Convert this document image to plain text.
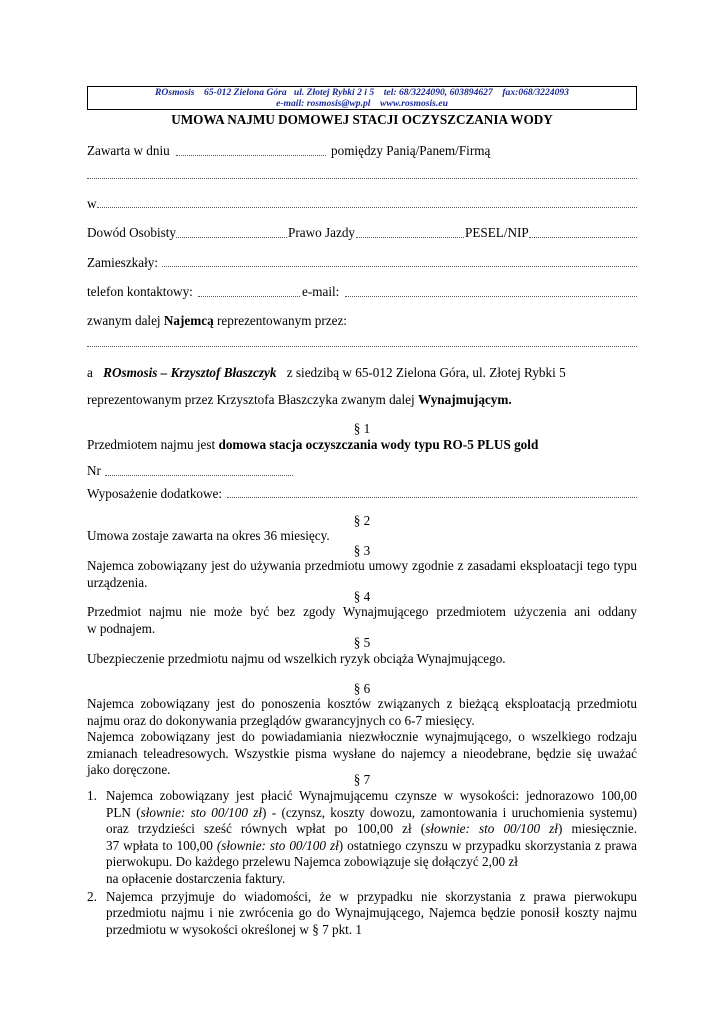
ROsmosis    65-012 Zielona Góra   ul. Złotej Rybki 2 i 5    tel: 68/3224090, 603894627    fax:068/3224093
e-mail: rosmosis@wp.pl    www.rosmosis.eu
UMOWA NAJMU DOMOWEJ STACJI OCZYSZCZANIA WODY
Zawarta w dniu	pomiędzy Panią/Panem/Firmą
w
Dowód Osobisty	Prawo Jazdy	PESEL/NIP
Zamieszkały:
telefon kontaktowy:	e-mail:
zwanym dalej Najemcą reprezentowanym przez:
a ROsmosis – Krzysztof Błaszczyk z siedzibą w 65-012 Zielona Góra, ul. Złotej Rybki 5
reprezentowanym przez Krzysztofa Błaszczyka zwanym dalej Wynajmującym.
§ 1
Przedmiotem najmu jest domowa stacja oczyszczania wody typu RO-5 PLUS gold
Nr
Wyposażenie dodatkowe:
§ 2
Umowa zostaje zawarta na okres 36 miesięcy.
§ 3

Najemca zobowiązany jest do używania przedmiotu umowy zgodnie z zasadami eksploatacji tego typu

urządzenia.

§ 4

Przedmiot najmu nie może być bez zgody Wynajmującego przedmiotem użyczenia ani oddany

w podnajem.

§ 5
Ubezpieczenie przedmiotu najmu od wszelkich ryzyk obciąża Wynajmującego.
§ 6

Najemca zobowiązany jest do ponoszenia kosztów związanych z bieżącą eksploatacją przedmiotu

najmu oraz do dokonywania przeglądów gwarancyjnych co 6-7 miesięcy.

Najemca zobowiązany jest do powiadamiania niezwłocznie wynajmującego, o wszelkiego rodzaju

zmianach teleadresowych. Wszystkie pisma wysłane do najemcy a nieodebrane, będzie się uważać

jako doręczone.

§ 7
1. Najemca zobowiązany jest płacić Wynajmującemu czynsze w wysokości: jednorazowo 100,00
PLN (słownie: sto 00/100 zł) - (czynsz, koszty dowozu, zamontowania i uruchomienia systemu)
oraz trzydzieści sześć równych wpłat po 100,00 zł (słownie: sto 00/100 zł) miesięcznie.
37 wpłata to 100,00 (słownie: sto 00/100 zł) ostatniego czynszu w przypadku skorzystania z prawa
pierwokupu. Do każdego przelewu Najemca zobowiązuje się dołączyć 2,00 zł
na opłacenie dostarczenia faktury.
2. Najemca przyjmuje do wiadomości, że w przypadku nie skorzystania z prawa pierwokupu
przedmiotu najmu i nie zwrócenia go do Wynajmującego, Najemca będzie ponosił koszty najmu
przedmiotu w wysokości określonej w § 7 pkt. 1
